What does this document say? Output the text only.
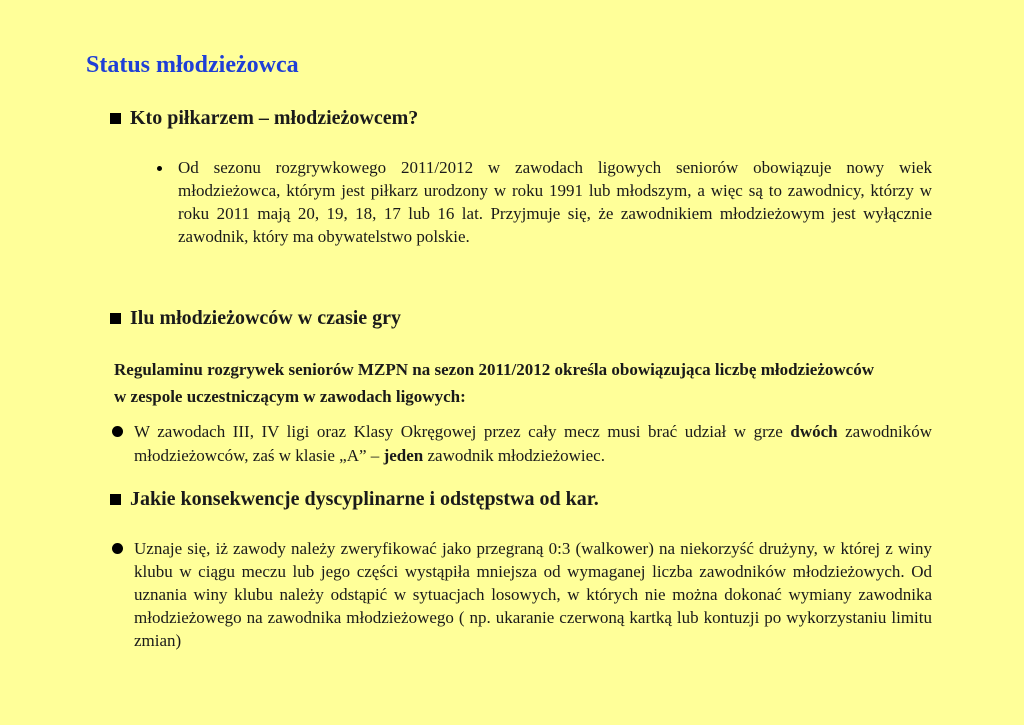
Status młodzieżowca
Kto piłkarzem – młodzieżowcem?

Od sezonu rozgrywkowego 2011/2012 w zawodach ligowych seniorów obowiązuje nowy wiek młodzieżowca, którym jest piłkarz urodzony w roku 1991 lub młodszym, a więc są to zawodnicy, którzy w roku 2011 mają 20, 19, 18, 17 lub 16 lat. Przyjmuje się, że zawodnikiem młodzieżowym jest wyłącznie zawodnik, który ma obywatelstwo polskie.

Ilu młodzieżowców w czasie gry

Regulaminu rozgrywek seniorów MZPN na sezon 2011/2012 określa obowiązująca liczbę młodzieżowców w zespole uczestniczącym w zawodach ligowych:

W zawodach III, IV ligi oraz Klasy Okręgowej przez cały mecz musi brać udział w grze dwóch zawodników młodzieżowców, zaś w klasie „A” – jeden zawodnik młodzieżowiec.

Jakie konsekwencje dyscyplinarne i odstępstwa od kar.

Uznaje się, iż zawody należy zweryfikować jako przegraną 0:3 (walkower) na niekorzyść drużyny, w której z winy klubu w ciągu meczu lub jego części wystąpiła mniejsza od wymaganej liczba zawodników młodzieżowych. Od uznania winy klubu należy odstąpić w sytuacjach losowych, w których nie można dokonać wymiany zawodnika młodzieżowego na zawodnika młodzieżowego ( np. ukaranie czerwoną kartką lub kontuzji po wykorzystaniu limitu zmian)
